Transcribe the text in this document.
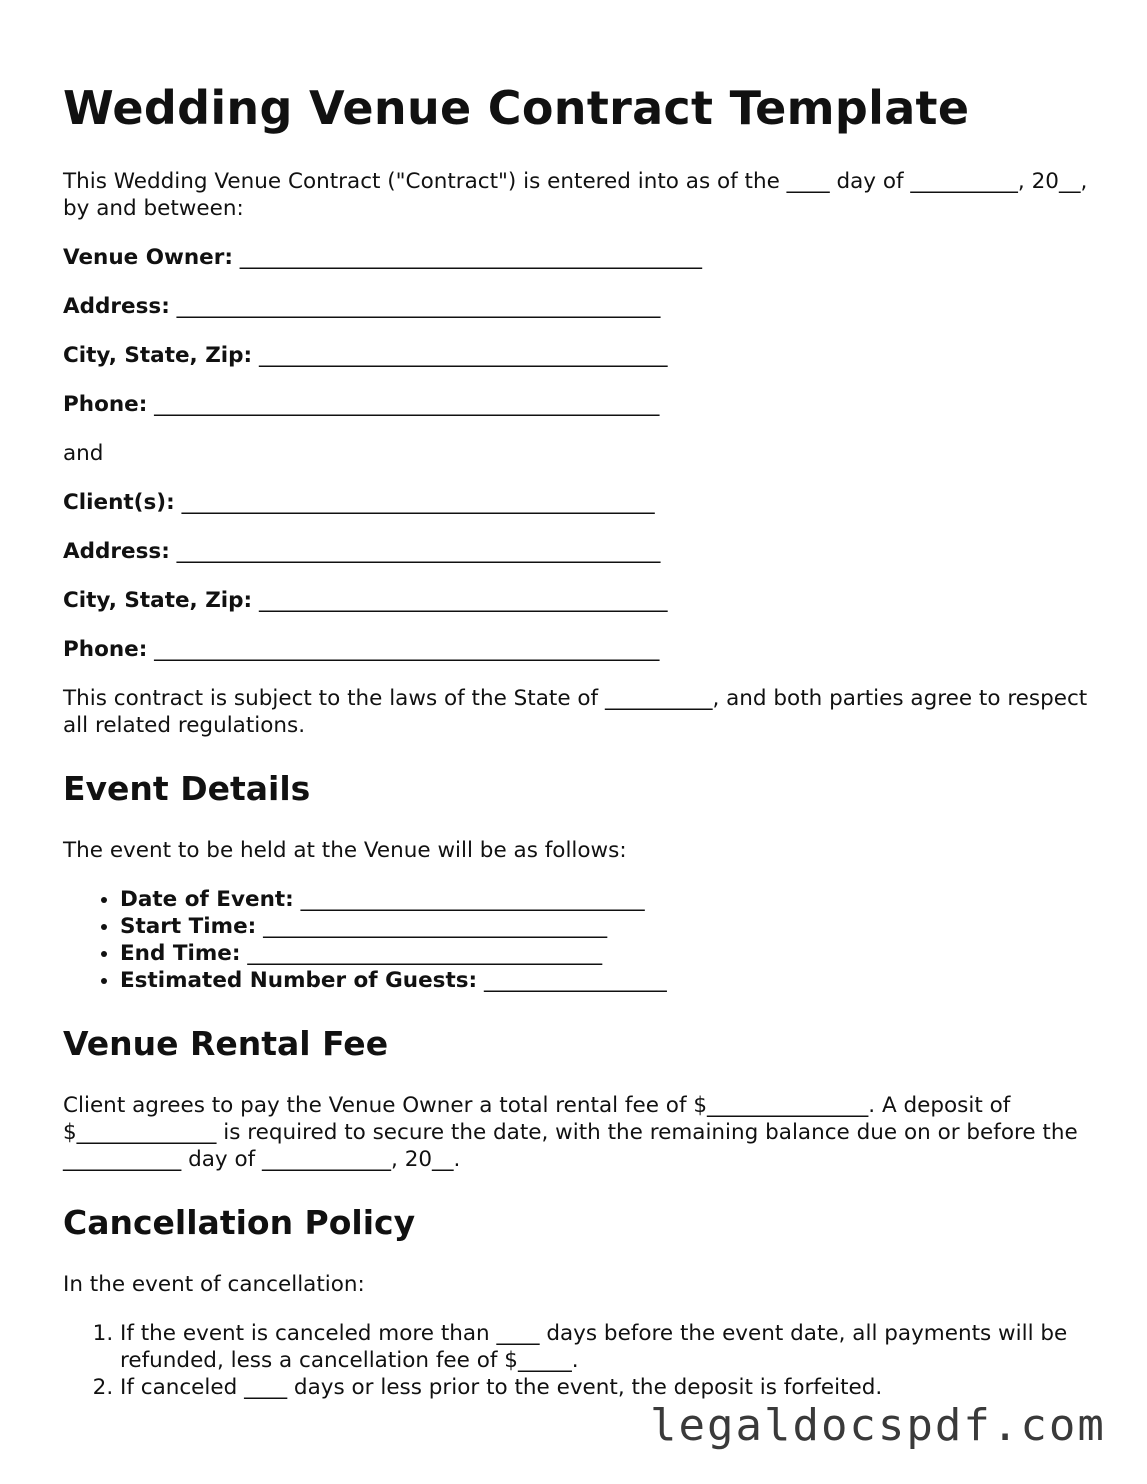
Wedding Venue Contract Template

This Wedding Venue Contract ("Contract") is entered into as of the ____ day of __________, 20__, by and between:

Venue Owner: ___________________________________________
Address: _____________________________________________
City, State, Zip: ______________________________________
Phone: _______________________________________________

and

Client(s): ____________________________________________
Address: _____________________________________________
City, State, Zip: ______________________________________
Phone: _______________________________________________

This contract is subject to the laws of the State of __________, and both parties agree to respect all related regulations.

Event Details

The event to be held at the Venue will be as follows:

• Date of Event: ________________________________
• Start Time: ________________________________
• End Time: _________________________________
• Estimated Number of Guests: _________________
Venue Rental Fee

Client agrees to pay the Venue Owner a total rental fee of $_______________. A deposit of $_____________ is required to secure the date, with the remaining balance due on or before the ___________ day of ____________, 20__.

Cancellation Policy

In the event of cancellation:

1. If the event is canceled more than ____ days before the event date, all payments will be refunded, less a cancellation fee of $_____.
2. If canceled ____ days or less prior to the event, the deposit is forfeited.
legaldocspdf.com
